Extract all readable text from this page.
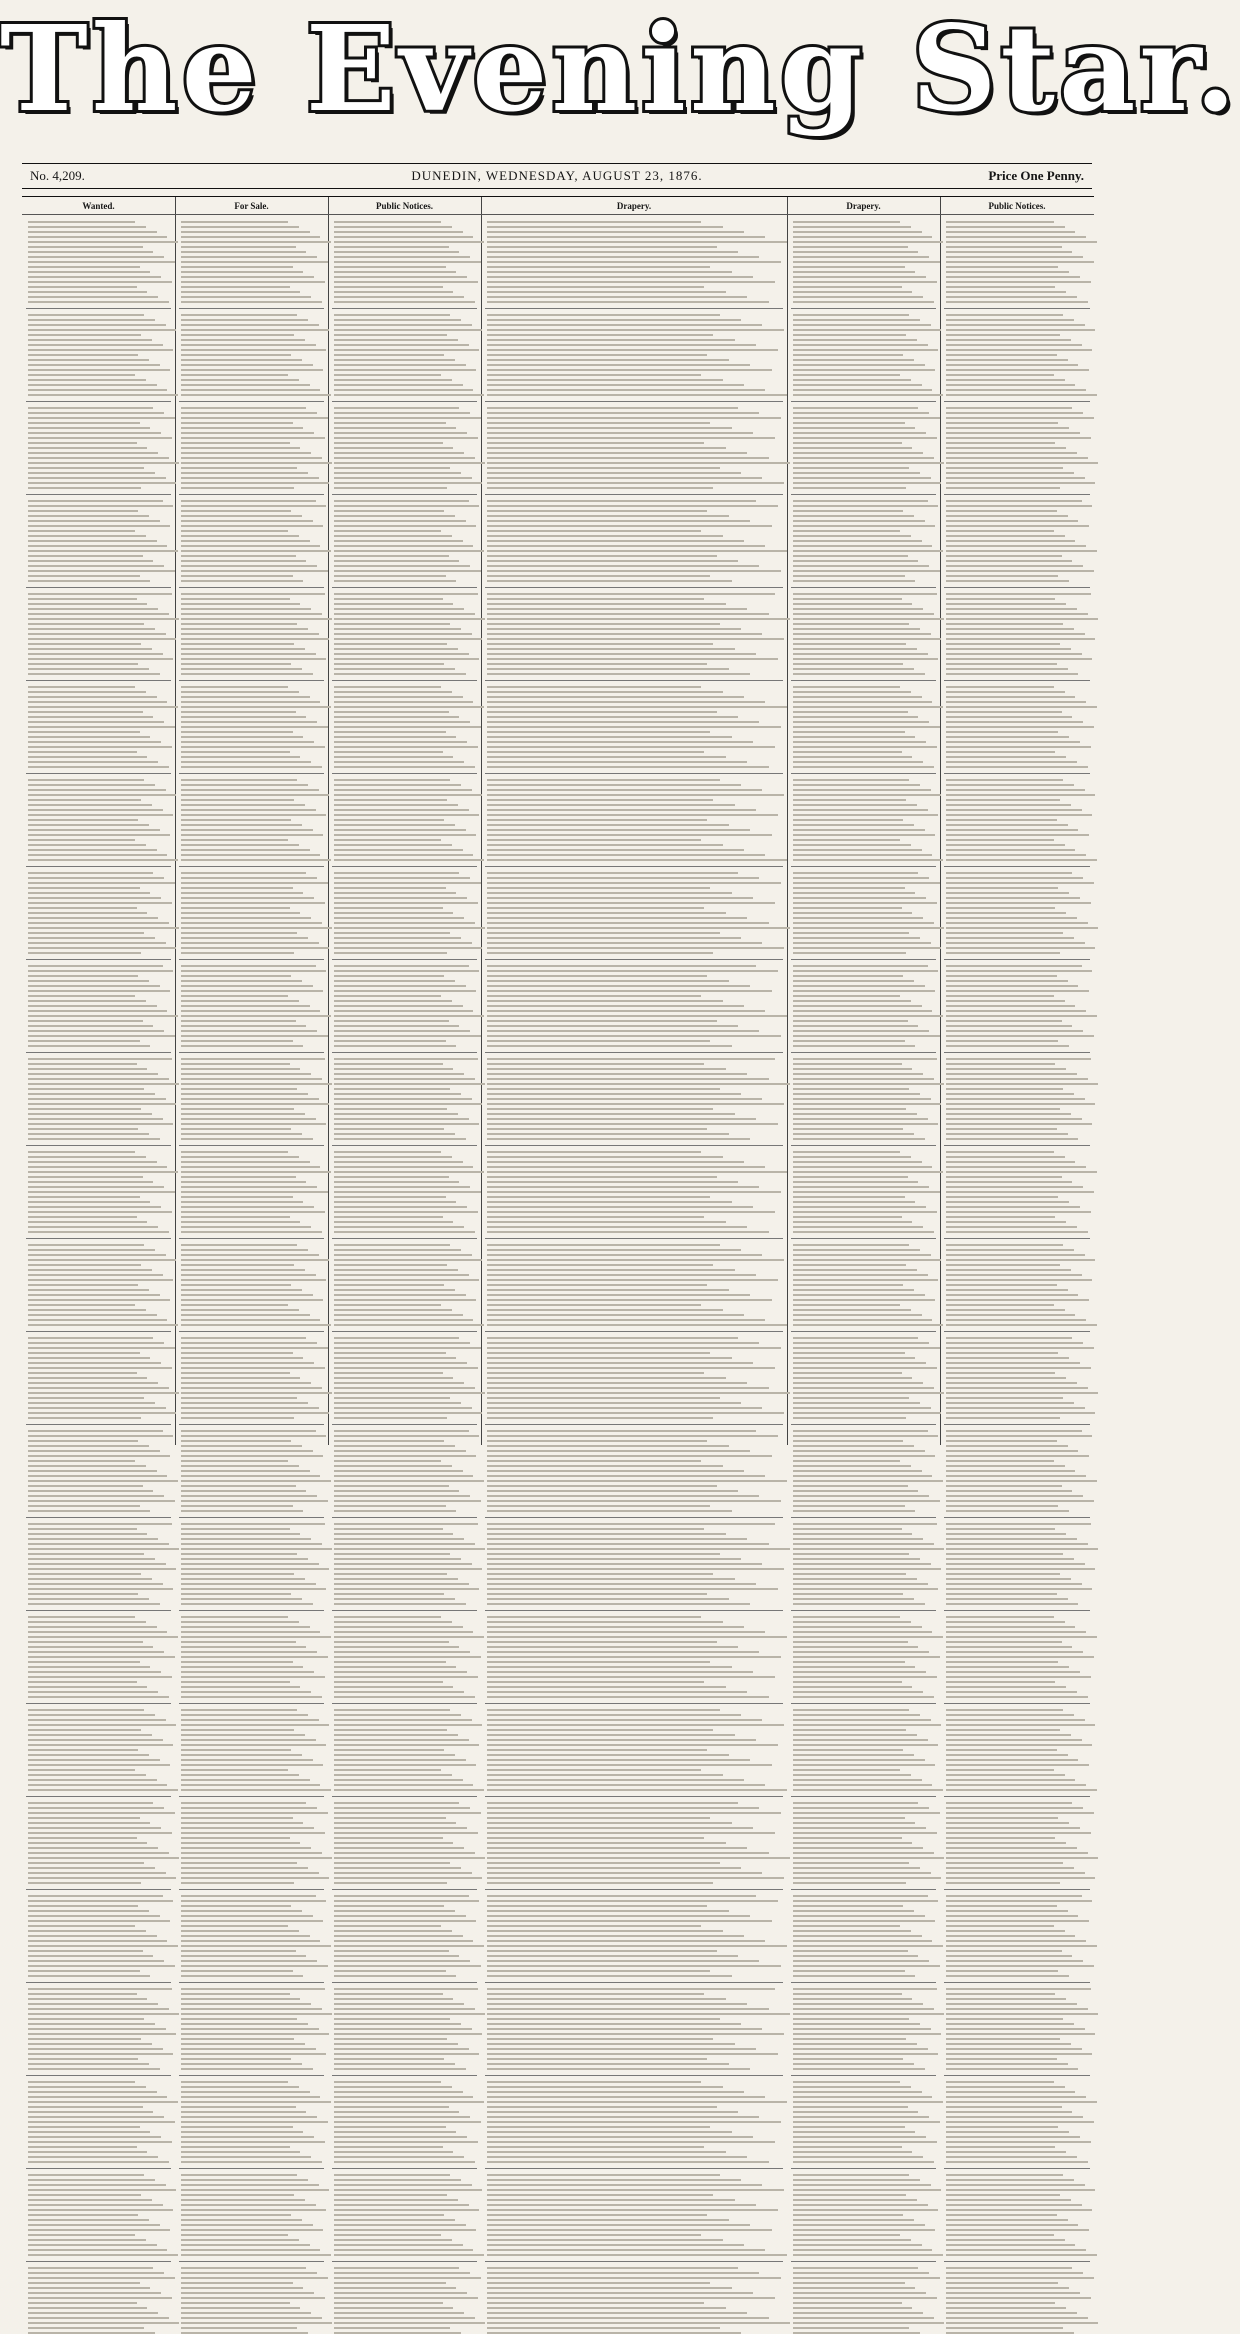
The Evening Star.
No. 4,209.	DUNEDIN, WEDNESDAY, AUGUST 23, 1876.	Price One Penny.
Wanted.	For Sale.	Public Notices.	Drapery.	Drapery.	Public Notices.
